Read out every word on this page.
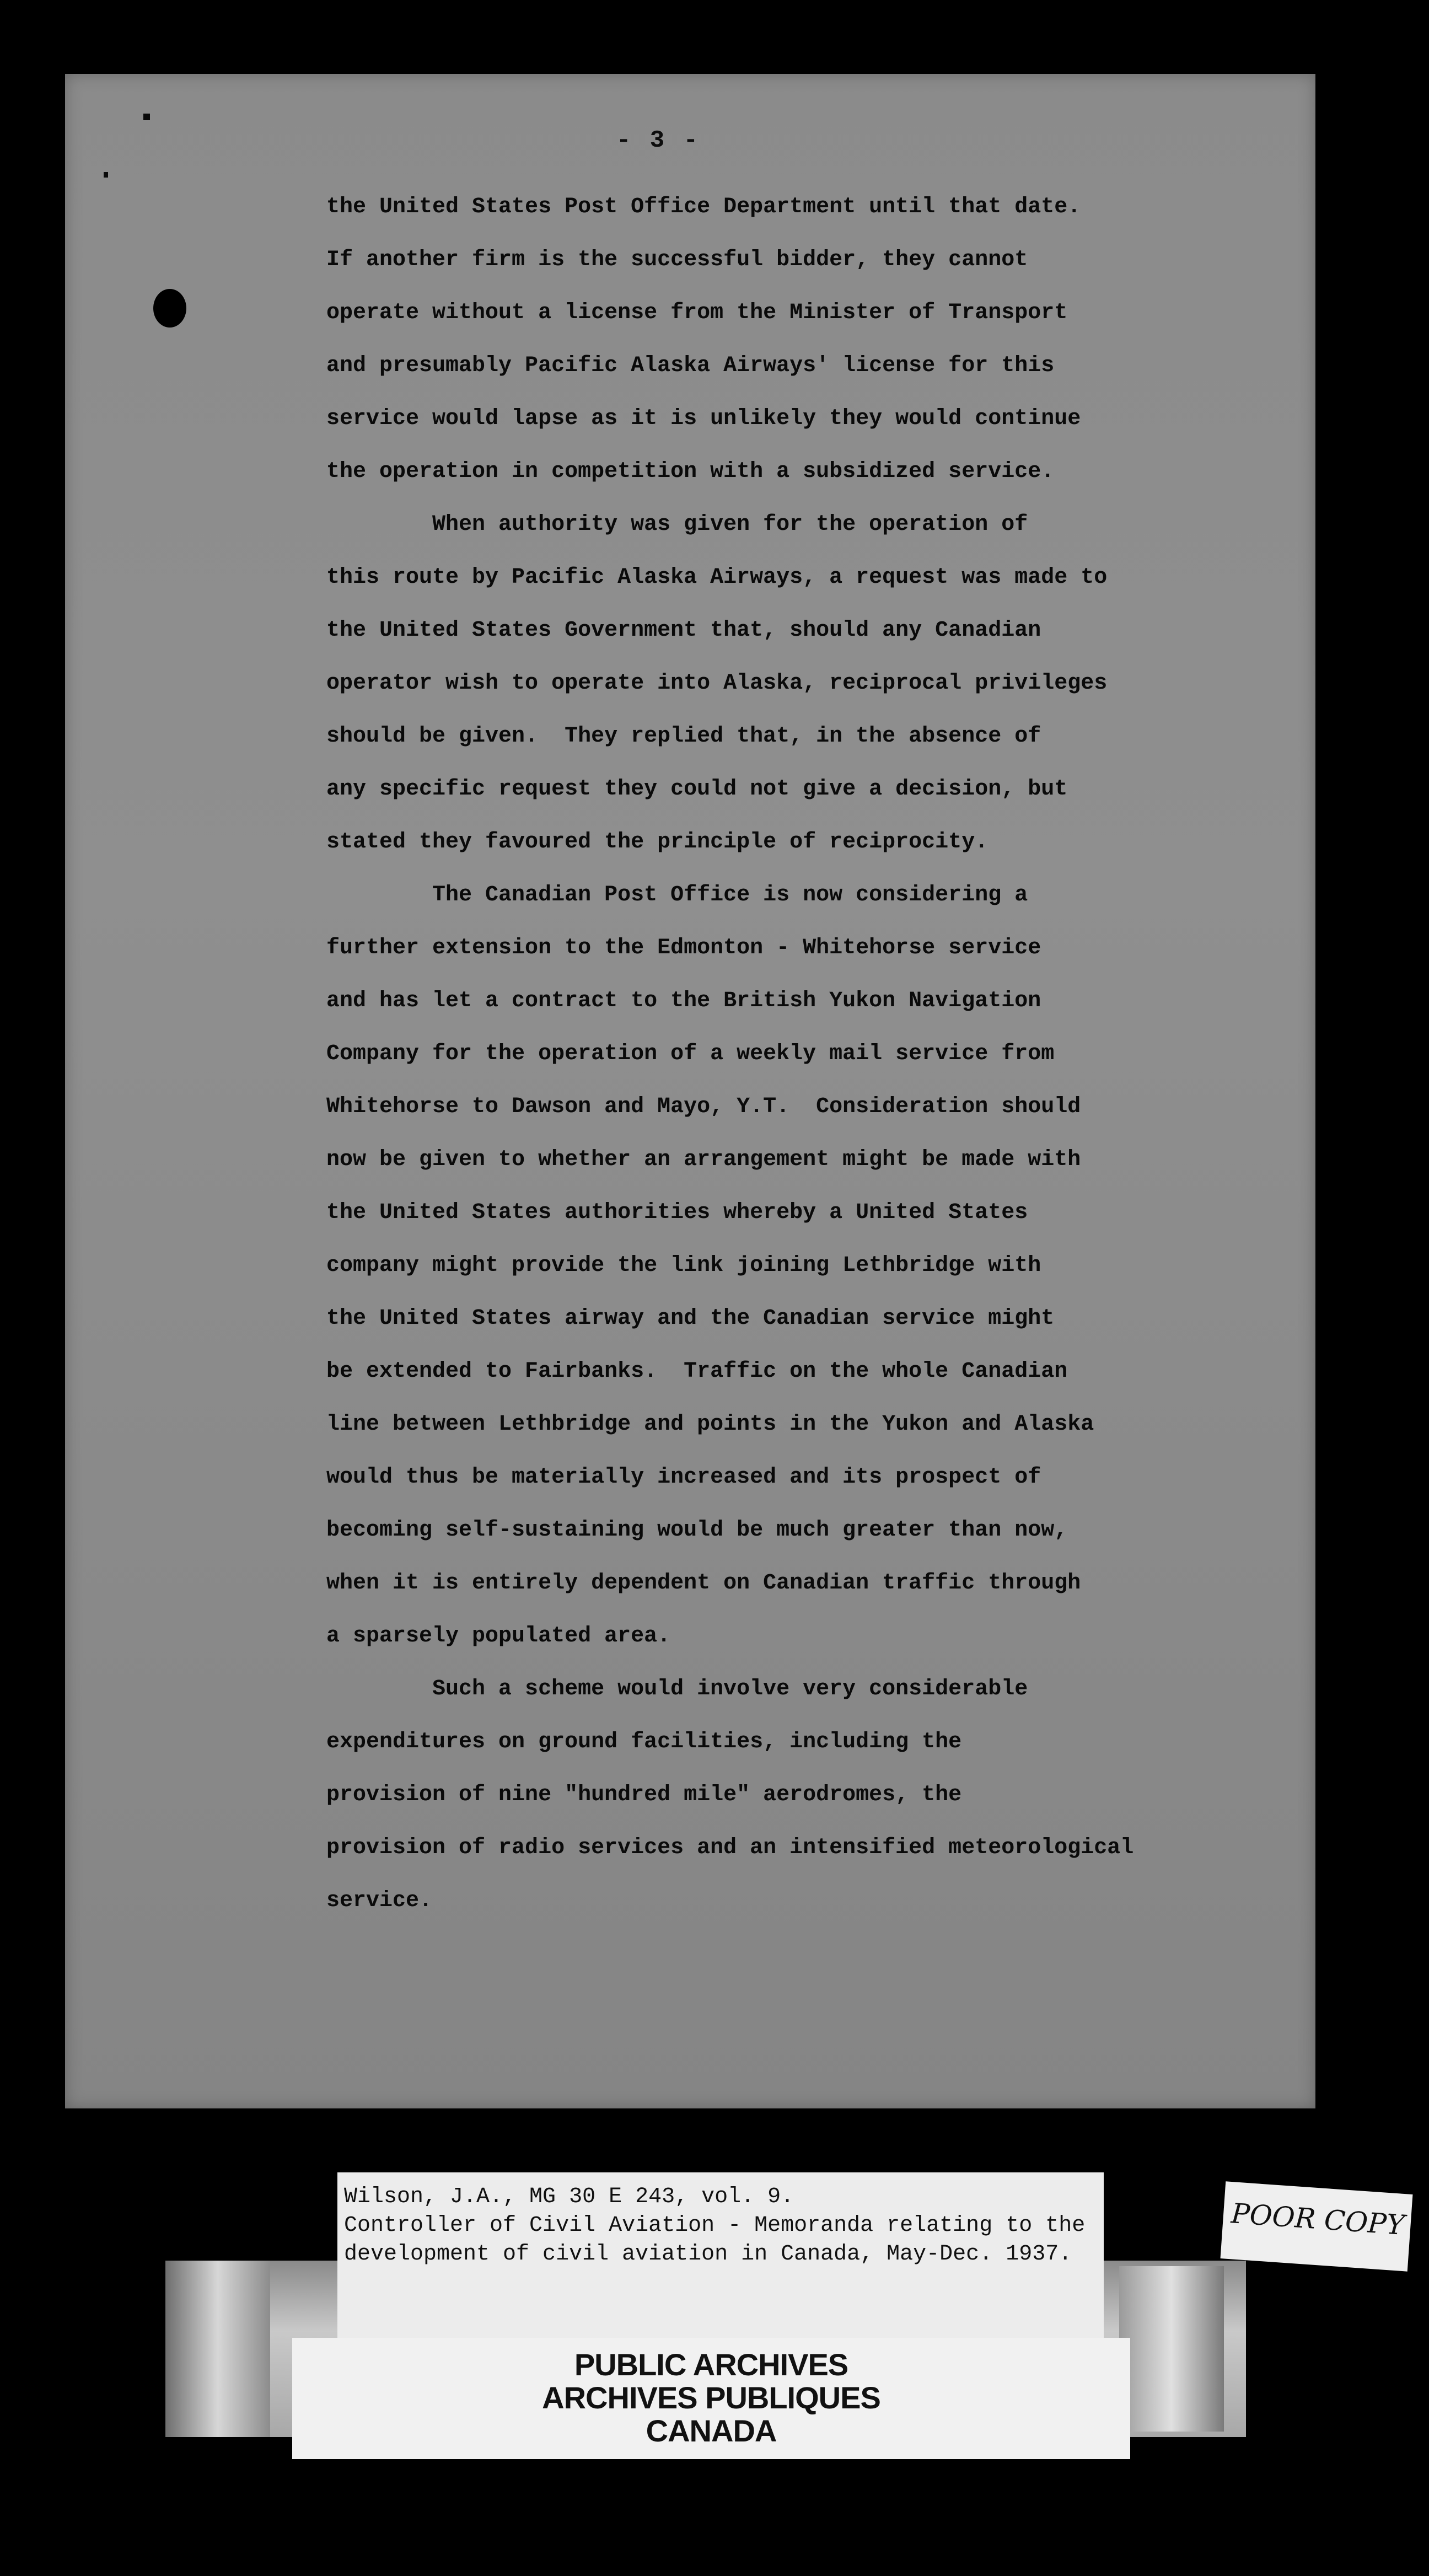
- 3 -
the United States Post Office Department until that date.
If another firm is the successful bidder, they cannot
operate without a license from the Minister of Transport
and presumably Pacific Alaska Airways' license for this
service would lapse as it is unlikely they would continue
the operation in competition with a subsidized service.
When authority was given for the operation of
this route by Pacific Alaska Airways, a request was made to
the United States Government that, should any Canadian
operator wish to operate into Alaska, reciprocal privileges
should be given.  They replied that, in the absence of
any specific request they could not give a decision, but
stated they favoured the principle of reciprocity.
The Canadian Post Office is now considering a
further extension to the Edmonton - Whitehorse service
and has let a contract to the British Yukon Navigation
Company for the operation of a weekly mail service from
Whitehorse to Dawson and Mayo, Y.T.  Consideration should
now be given to whether an arrangement might be made with
the United States authorities whereby a United States
company might provide the link joining Lethbridge with
the United States airway and the Canadian service might
be extended to Fairbanks.  Traffic on the whole Canadian
line between Lethbridge and points in the Yukon and Alaska
would thus be materially increased and its prospect of
becoming self-sustaining would be much greater than now,
when it is entirely dependent on Canadian traffic through
a sparsely populated area.
Such a scheme would involve very considerable
expenditures on ground facilities, including the
provision of nine "hundred mile" aerodromes, the
provision of radio services and an intensified meteorological
service.
Wilson, J.A., MG 30 E 243, vol. 9.
Controller of Civil Aviation - Memoranda relating to the
development of civil aviation in Canada, May-Dec. 1937.
PUBLIC ARCHIVES
ARCHIVES PUBLIQUES
CANADA
POOR COPY
